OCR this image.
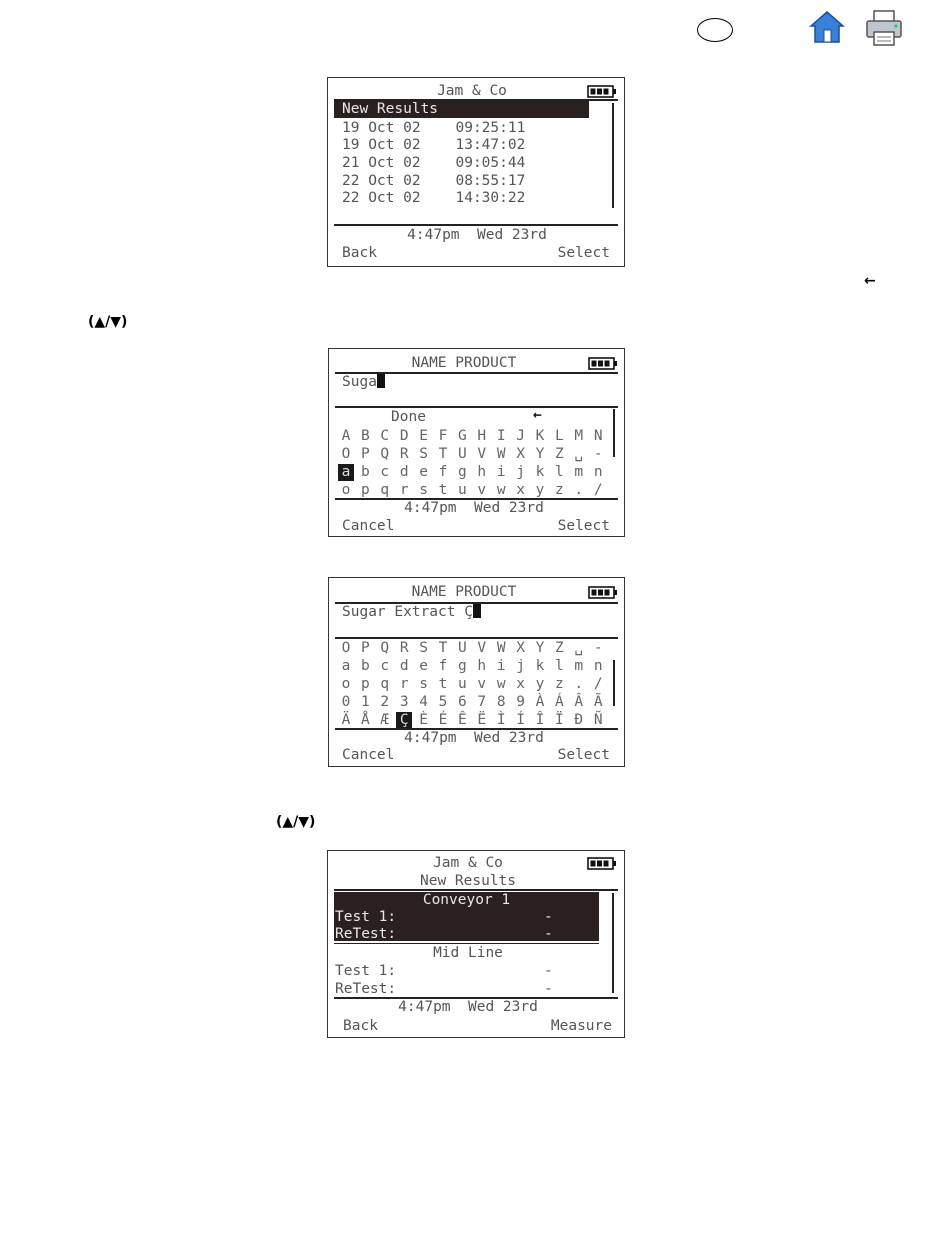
←
(▲/▼)
(▲/▼)
Jam & Co
New Results
19 Oct 02    09:25:11
19 Oct 02    13:47:02
21 Oct 02    09:05:44
22 Oct 02    08:55:17
22 Oct 02    14:30:22
4:47pm  Wed 23rd
Back	Select
NAME PRODUCT
Suga
Done	←
A B C D E F G H I J K L M N
O P Q R S T U V W X Y Z ␣ -
a b c d e f g h i j k l m n
o p q r s t u v w x y z . /
4:47pm  Wed 23rd
Cancel	Select
NAME PRODUCT
Sugar Extract Ç
O P Q R S T U V W X Y Z ␣ -
a b c d e f g h i j k l m n
o p q r s t u v w x y z . /
0 1 2 3 4 5 6 7 8 9 À Á Â Ã
Ä Å Æ Ç È É Ê Ë Ì Í Î Ï Ð Ñ
4:47pm  Wed 23rd
Cancel	Select
Jam & Co
New Results
Conveyor 1
Test 1:	-
ReTest:	-
Mid Line
Test 1:	-
ReTest:	-
4:47pm  Wed 23rd
Back	Measure
